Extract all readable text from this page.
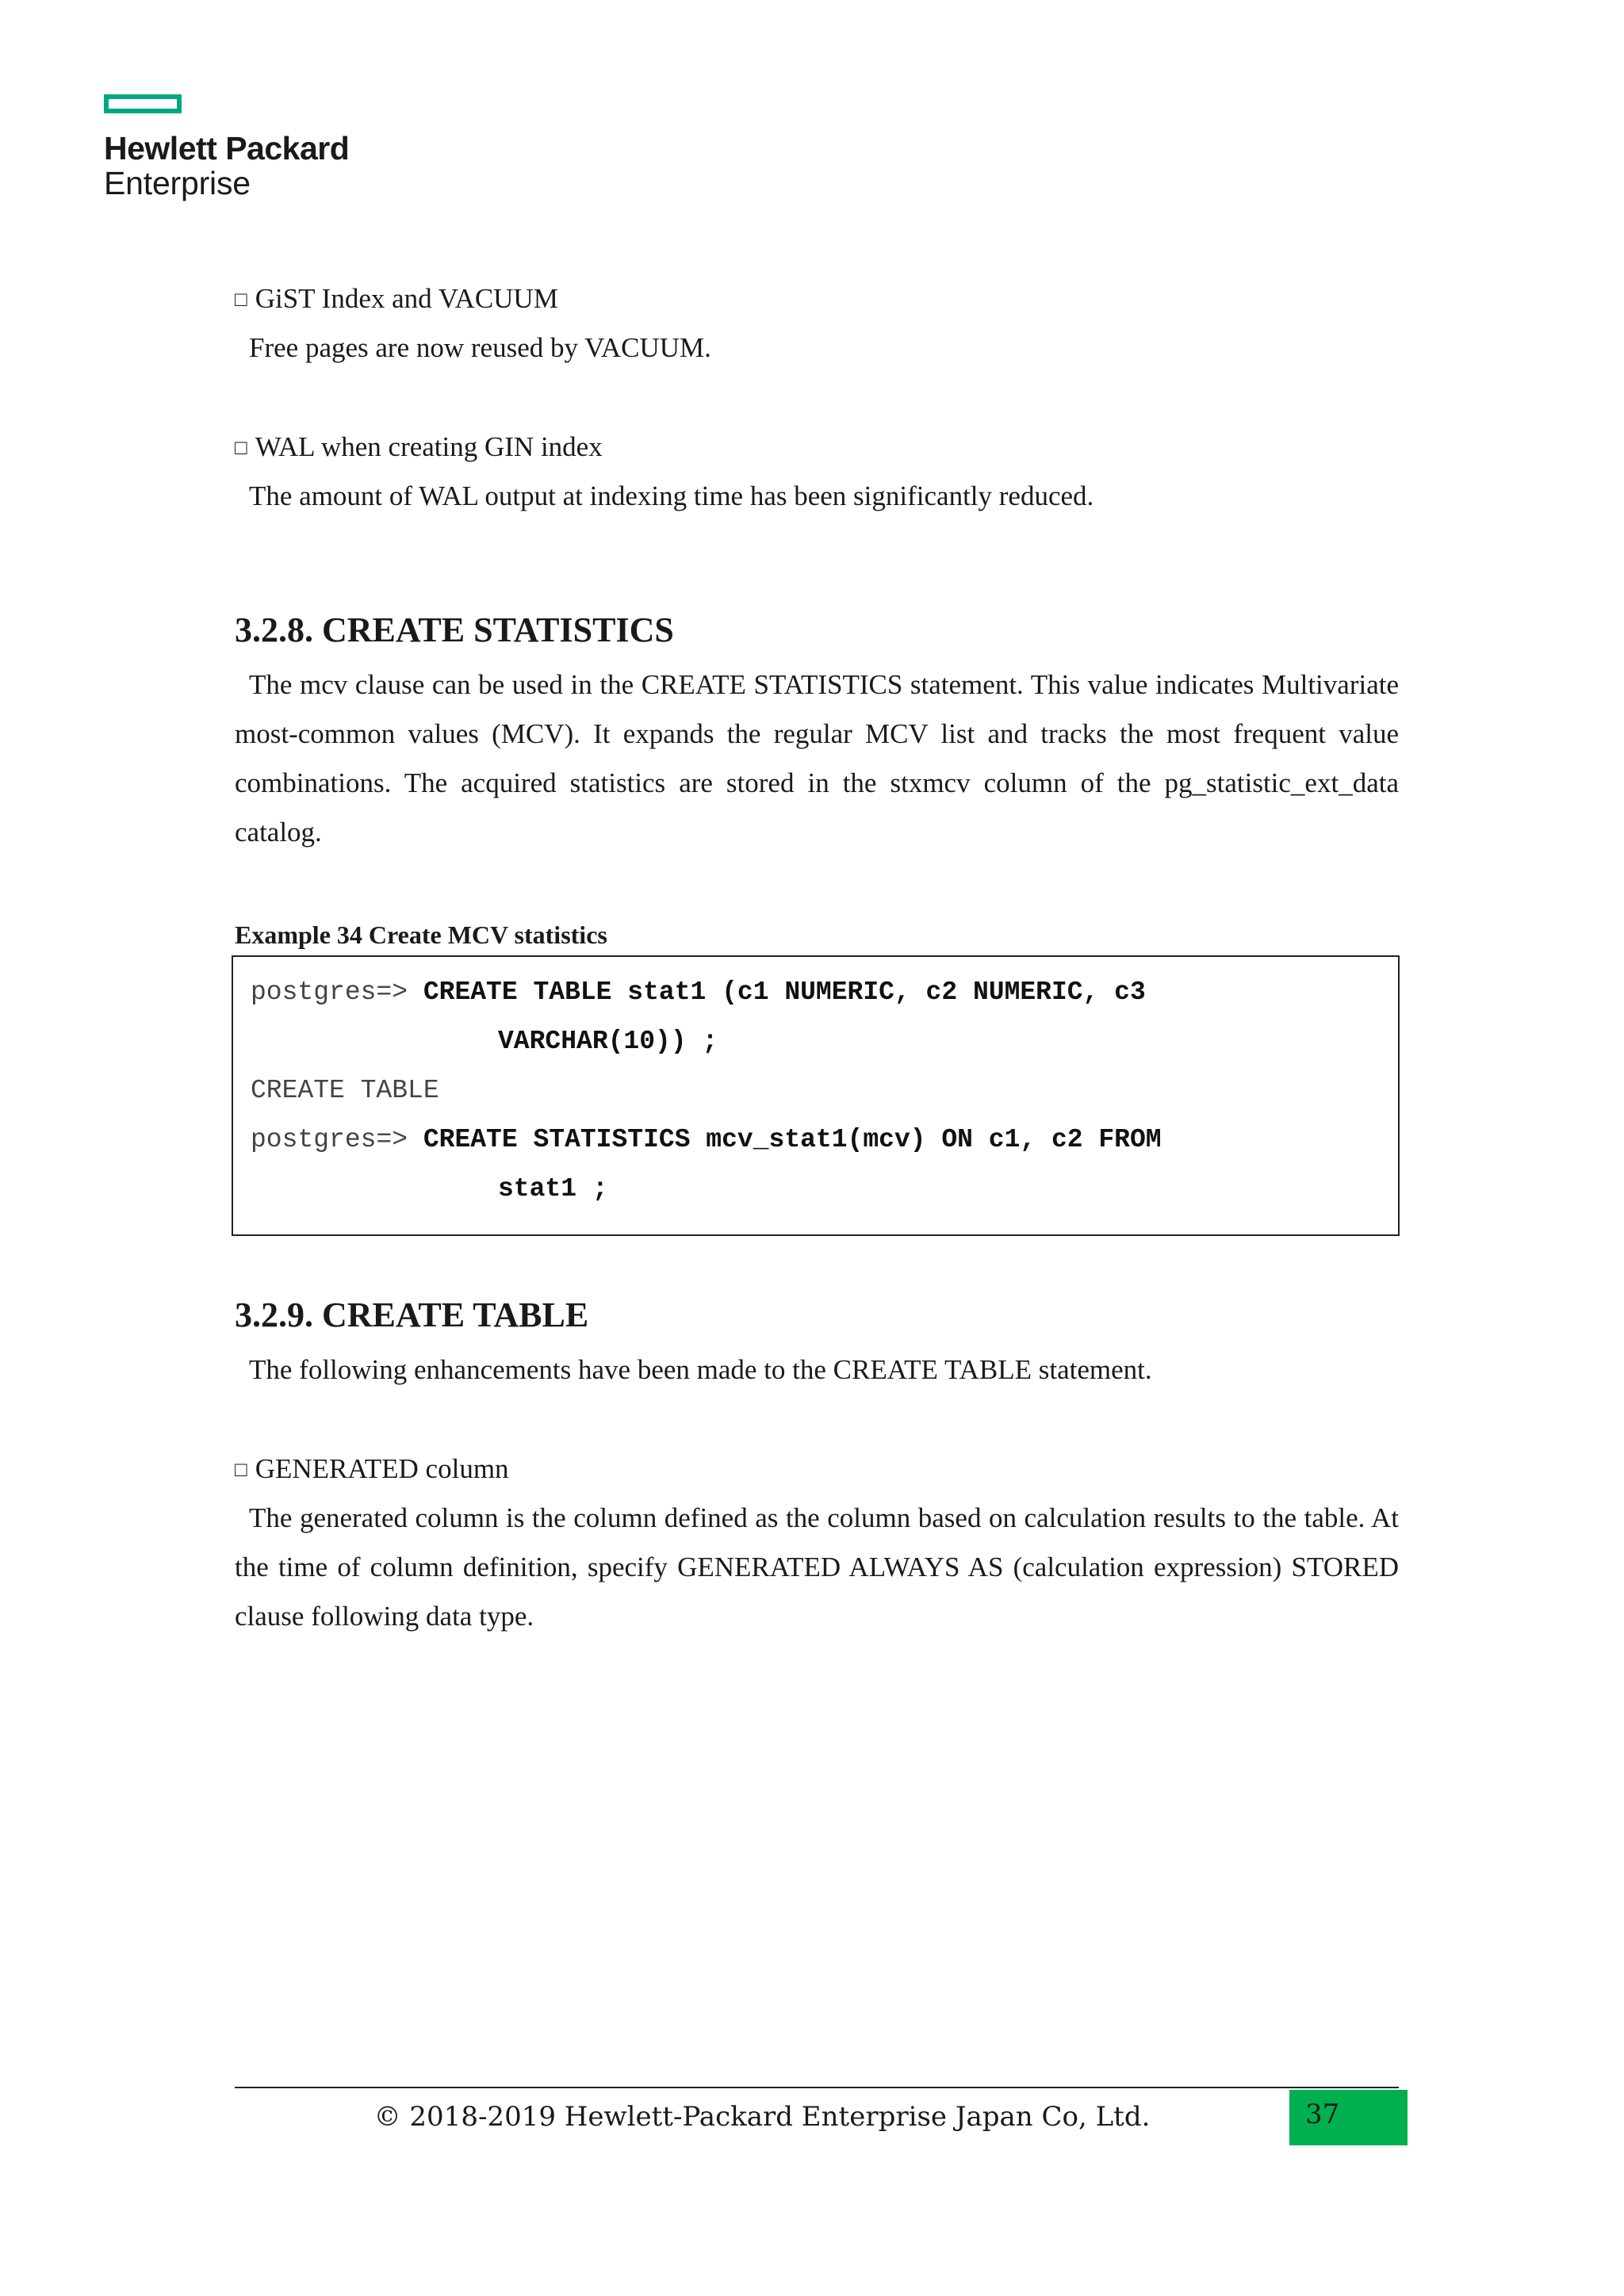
Hewlett Packard
Enterprise
□ GiST Index and VACUUM
Free pages are now reused by VACUUM.
□ WAL when creating GIN index
The amount of WAL output at indexing time has been significantly reduced.
3.2.8. CREATE STATISTICS
The mcv clause can be used in the CREATE STATISTICS statement. This value indicates Multivariate most-common values (MCV). It expands the regular MCV list and tracks the most frequent value combinations. The acquired statistics are stored in the stxmcv column of the pg_statistic_ext_data catalog.
Example 34 Create MCV statistics
postgres=> CREATE TABLE stat1 (c1 NUMERIC, c2 NUMERIC, c3
VARCHAR(10)) ;
CREATE TABLE
postgres=> CREATE STATISTICS mcv_stat1(mcv) ON c1, c2 FROM
stat1 ;
3.2.9. CREATE TABLE
The following enhancements have been made to the CREATE TABLE statement.
□ GENERATED column
The generated column is the column defined as the column based on calculation results to the table. At the time of column definition, specify GENERATED ALWAYS AS (calculation expression) STORED clause following data type.
© 2018-2019 Hewlett-Packard Enterprise Japan Co, Ltd.	37
